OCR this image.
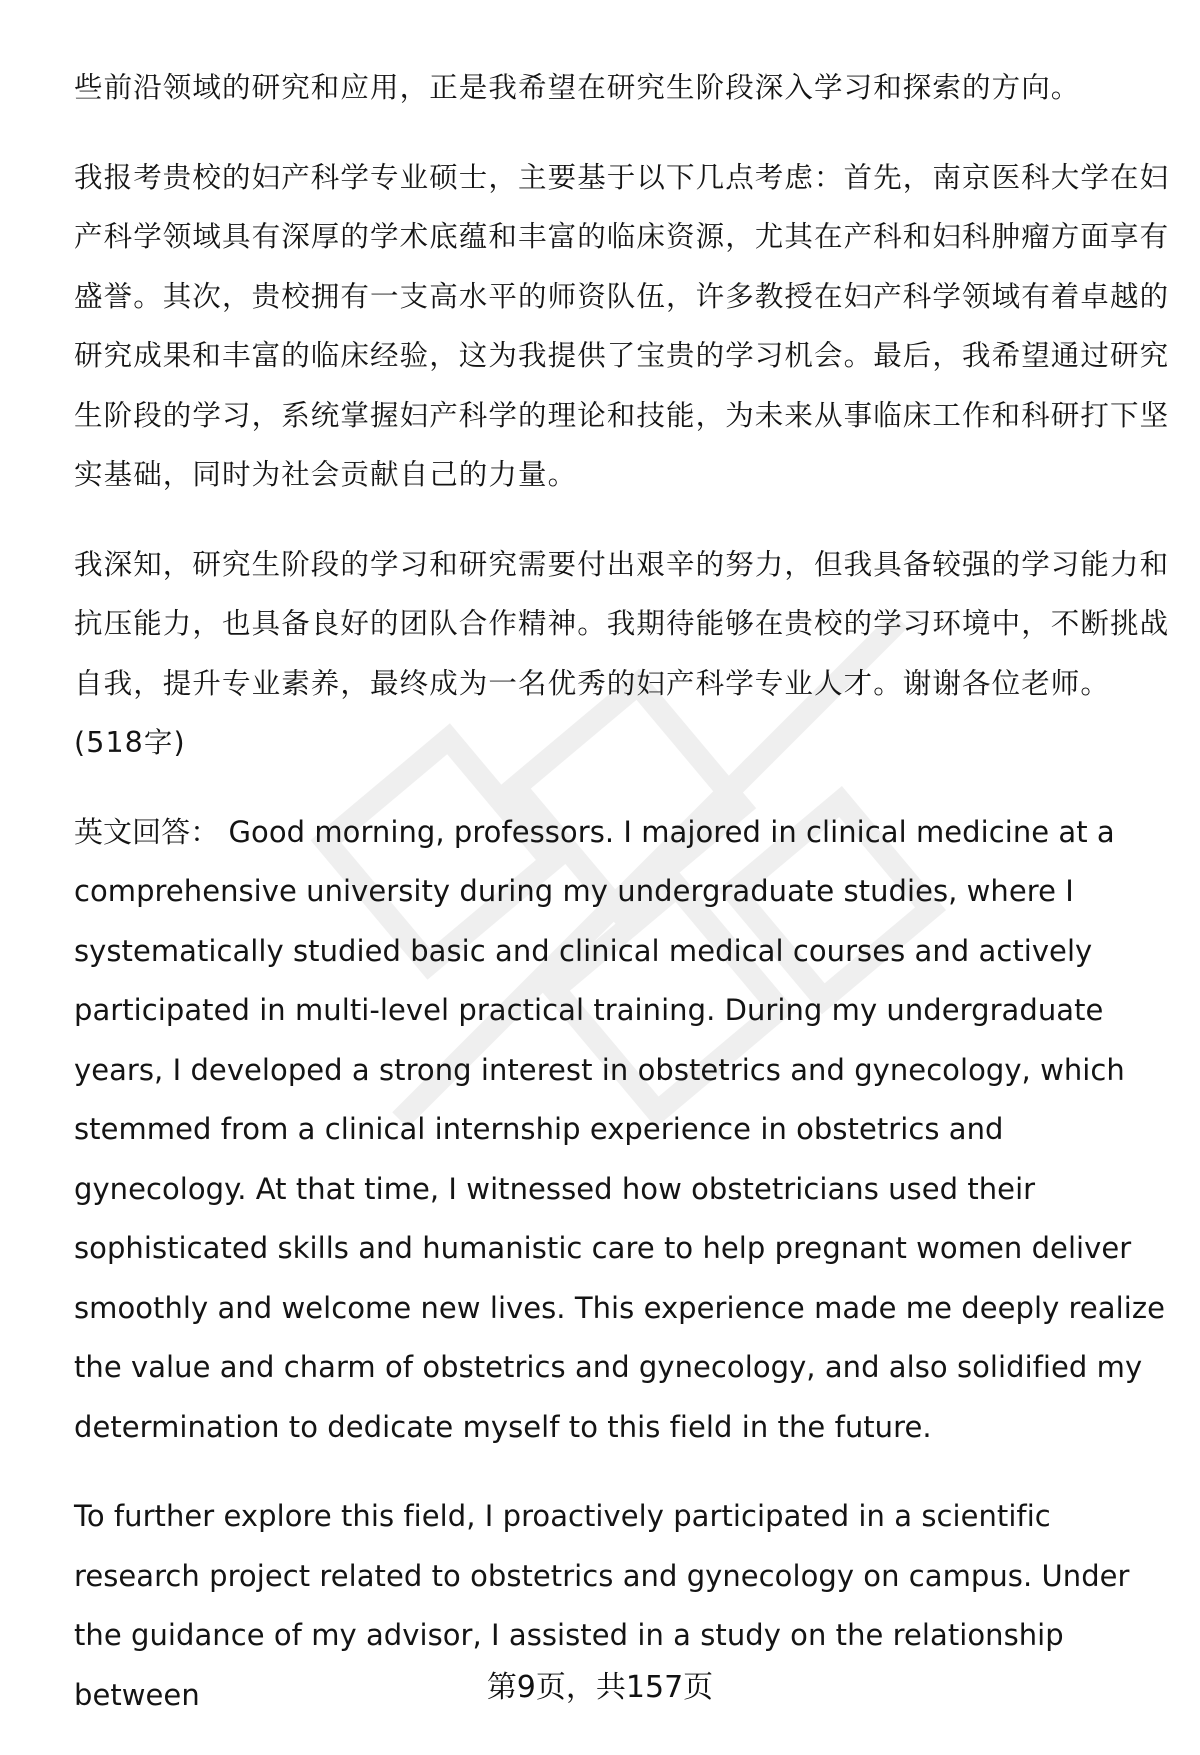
些前沿领域的研究和应用，正是我希望在研究生阶段深入学习和探索的方向。

我报考贵校的妇产科学专业硕士，主要基于以下几点考虑：首先，南京医科大学在妇产科学领域具有深厚的学术底蕴和丰富的临床资源，尤其在产科和妇科肿瘤方面享有盛誉。其次，贵校拥有一支高水平的师资队伍，许多教授在妇产科学领域有着卓越的研究成果和丰富的临床经验，这为我提供了宝贵的学习机会。最后，我希望通过研究生阶段的学习，系统掌握妇产科学的理论和技能，为未来从事临床工作和科研打下坚实基础，同时为社会贡献自己的力量。

我深知，研究生阶段的学习和研究需要付出艰辛的努力，但我具备较强的学习能力和抗压能力，也具备良好的团队合作精神。我期待能够在贵校的学习环境中，不断挑战自我，提升专业素养，最终成为一名优秀的妇产科学专业人才。谢谢各位老师。 (518字)

英文回答： Good morning, professors. I majored in clinical medicine at a comprehensive university during my undergraduate studies, where I systematically studied basic and clinical medical courses and actively participated in multi-level practical training. During my undergraduate years, I developed a strong interest in obstetrics and gynecology, which stemmed from a clinical internship experience in obstetrics and gynecology. At that time, I witnessed how obstetricians used their sophisticated skills and humanistic care to help pregnant women deliver smoothly and welcome new lives. This experience made me deeply realize the value and charm of obstetrics and gynecology, and also solidified my determination to dedicate myself to this field in the future.

To further explore this field, I proactively participated in a scientific research project related to obstetrics and gynecology on campus. Under the guidance of my advisor, I assisted in a study on the relationship between	第9页，共157页
